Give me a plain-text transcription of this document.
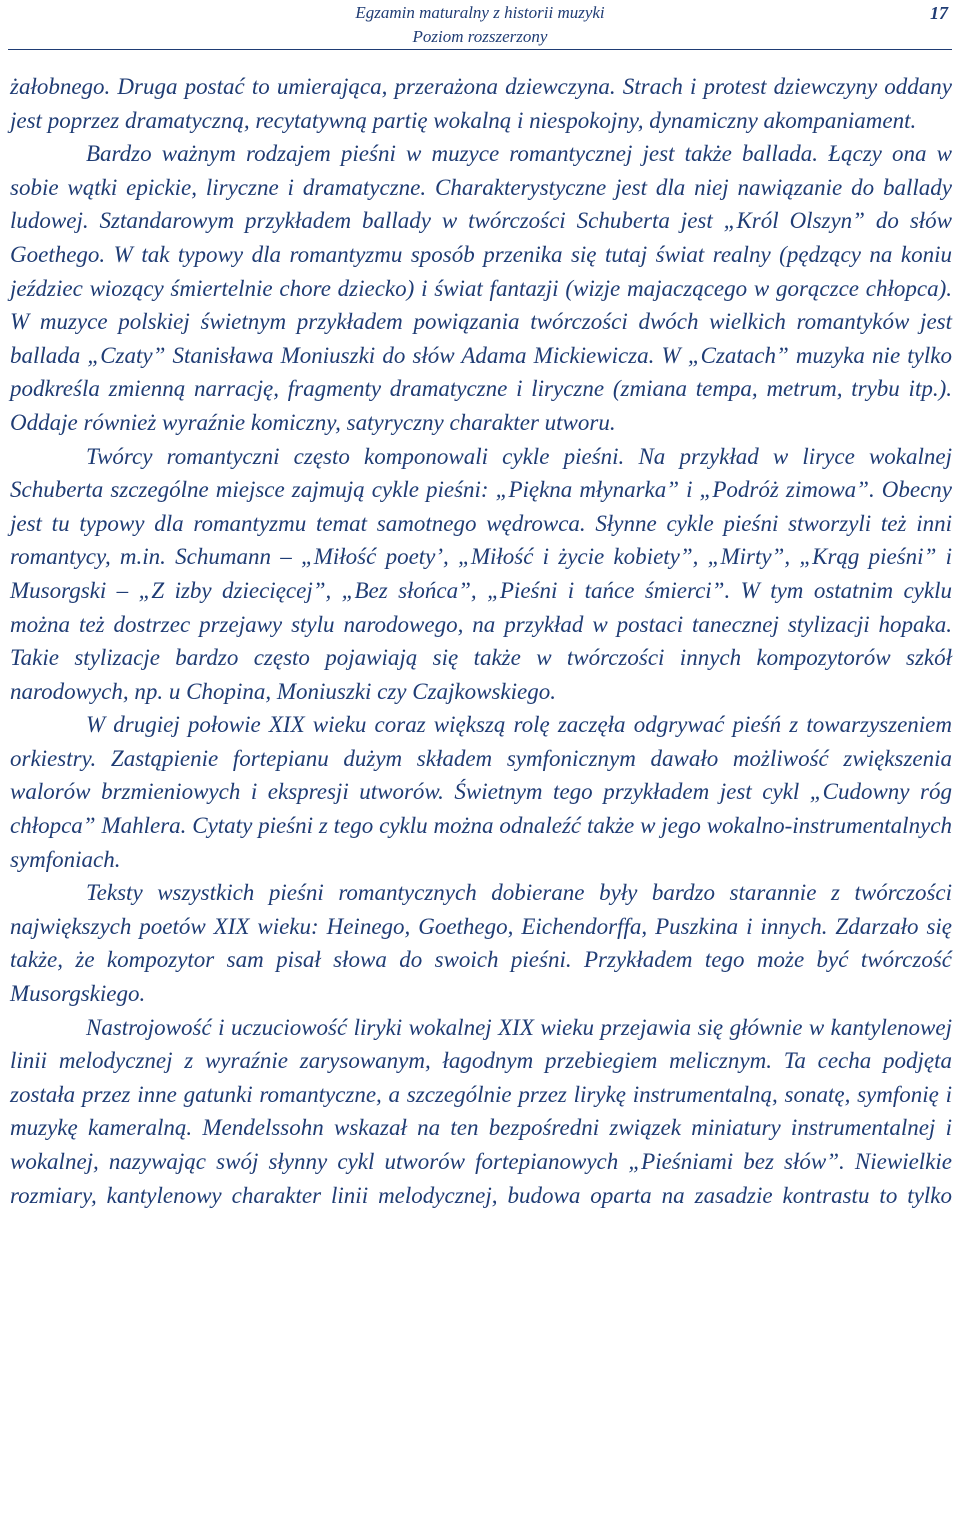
Egzamin maturalny z historii muzyki
Poziom rozszerzony
17

żałobnego. Druga postać to umierająca, przerażona dziewczyna. Strach i protest dziewczyny oddany jest poprzez dramatyczną, recytatywną partię wokalną i niespokojny, dynamiczny akompaniament.

Bardzo ważnym rodzajem pieśni w muzyce romantycznej jest także ballada. Łączy ona w sobie wątki epickie, liryczne i dramatyczne. Charakterystyczne jest dla niej nawiązanie do ballady ludowej. Sztandarowym przykładem ballady w twórczości Schuberta jest „Król Olszyn” do słów Goethego. W tak typowy dla romantyzmu sposób przenika się tutaj świat realny (pędzący na koniu jeździec wiozący śmiertelnie chore dziecko) i świat fantazji (wizje majaczącego w gorączce chłopca). W muzyce polskiej świetnym przykładem powiązania twórczości dwóch wielkich romantyków jest ballada „Czaty” Stanisława Moniuszki do słów Adama Mickiewicza. W „Czatach” muzyka nie tylko podkreśla zmienną narrację, fragmenty dramatyczne i liryczne (zmiana tempa, metrum, trybu itp.). Oddaje również wyraźnie komiczny, satyryczny charakter utworu.

Twórcy romantyczni często komponowali cykle pieśni. Na przykład w liryce wokalnej Schuberta szczególne miejsce zajmują cykle pieśni: „Piękna młynarka” i „Podróż zimowa”. Obecny jest tu typowy dla romantyzmu temat samotnego wędrowca. Słynne cykle pieśni stworzyli też inni romantycy, m.in. Schumann – „Miłość poety’, „Miłość i życie kobiety”, „Mirty”, „Krąg pieśni” i Musorgski – „Z izby dziecięcej”, „Bez słońca”, „Pieśni i tańce śmierci”. W tym ostatnim cyklu można też dostrzec przejawy stylu narodowego, na przykład w postaci tanecznej stylizacji hopaka. Takie stylizacje bardzo często pojawiają się także w twórczości innych kompozytorów szkół narodowych, np. u Chopina, Moniuszki czy Czajkowskiego.

W drugiej połowie XIX wieku coraz większą rolę zaczęła odgrywać pieśń z towarzyszeniem orkiestry. Zastąpienie fortepianu dużym składem symfonicznym dawało możliwość zwiększenia walorów brzmieniowych i ekspresji utworów. Świetnym tego przykładem jest cykl „Cudowny róg chłopca” Mahlera. Cytaty pieśni z tego cyklu można odnaleźć także w jego wokalno-instrumentalnych symfoniach.

Teksty wszystkich pieśni romantycznych dobierane były bardzo starannie z twórczości największych poetów XIX wieku: Heinego, Goethego, Eichendorffa, Puszkina i innych. Zdarzało się także, że kompozytor sam pisał słowa do swoich pieśni. Przykładem tego może być twórczość Musorgskiego.

Nastrojowość i uczuciowość liryki wokalnej XIX wieku przejawia się głównie w kantylenowej linii melodycznej z wyraźnie zarysowanym, łagodnym przebiegiem melicznym. Ta cecha podjęta została przez inne gatunki romantyczne, a szczególnie przez lirykę instrumentalną, sonatę, symfonię i muzykę kameralną. Mendelssohn wskazał na ten bezpośredni związek miniatury instrumentalnej i wokalnej, nazywając swój słynny cykl utworów fortepianowych „Pieśniami bez słów”. Niewielkie rozmiary, kantylenowy charakter linii melodycznej, budowa oparta na zasadzie kontrastu to tylko
